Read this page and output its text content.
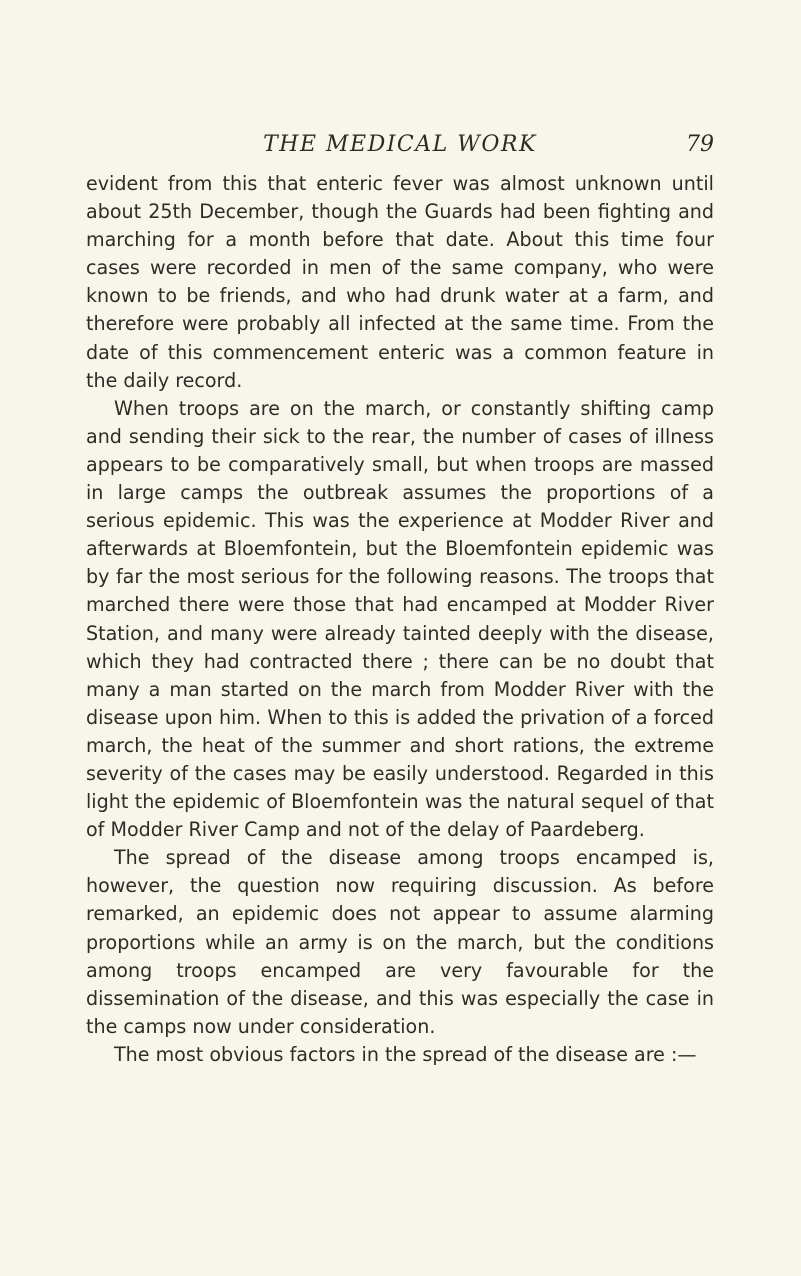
THE MEDICAL WORK	79

evident from this that enteric fever was almost unknown until about 25th December, though the Guards had been fighting and marching for a month before that date. About this time four cases were recorded in men of the same company, who were known to be friends, and who had drunk water at a farm, and therefore were probably all infected at the same time. From the date of this commencement enteric was a common feature in the daily record.

When troops are on the march, or constantly shifting camp and sending their sick to the rear, the number of cases of illness appears to be comparatively small, but when troops are massed in large camps the outbreak assumes the proportions of a serious epidemic. This was the experience at Modder River and afterwards at Bloemfontein, but the Bloemfontein epidemic was by far the most serious for the following reasons. The troops that marched there were those that had encamped at Modder River Station, and many were already tainted deeply with the disease, which they had contracted there ; there can be no doubt that many a man started on the march from Modder River with the disease upon him. When to this is added the privation of a forced march, the heat of the summer and short rations, the extreme severity of the cases may be easily understood. Regarded in this light the epidemic of Bloemfontein was the natural sequel of that of Modder River Camp and not of the delay of Paardeberg.

The spread of the disease among troops encamped is, however, the question now requiring discussion. As before remarked, an epidemic does not appear to assume alarming proportions while an army is on the march, but the conditions among troops encamped are very favourable for the dissemination of the disease, and this was especially the case in the camps now under consideration.

The most obvious factors in the spread of the disease are :—
